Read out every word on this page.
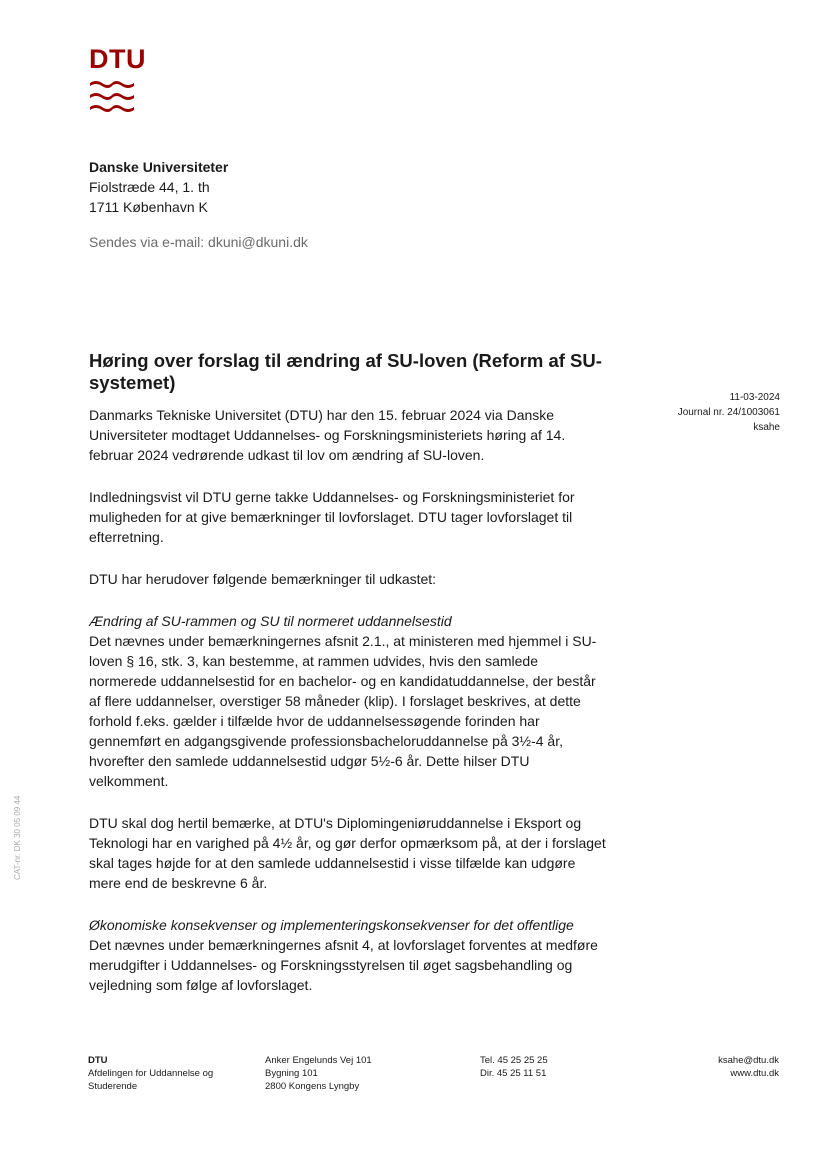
DTU
Danske Universiteter
Fiolstræde 44, 1. th
1711 København K
Sendes via e-mail: dkuni@dkuni.dk
Høring over forslag til ændring af SU-loven (Reform af SU-systemet)
11-03-2024
Journal nr. 24/1003061
ksahe

Danmarks Tekniske Universitet (DTU) har den 15. februar 2024 via Danske Universiteter modtaget Uddannelses- og Forskningsministeriets høring af 14. februar 2024 vedrørende udkast til lov om ændring af SU-loven.

Indledningsvist vil DTU gerne takke Uddannelses- og Forskningsministeriet for muligheden for at give bemærkninger til lovforslaget. DTU tager lovforslaget til efterretning.

DTU har herudover følgende bemærkninger til udkastet:

Ændring af SU-rammen og SU til normeret uddannelsestid

Det nævnes under bemærkningernes afsnit 2.1., at ministeren med hjemmel i SU-loven § 16, stk. 3, kan bestemme, at rammen udvides, hvis den samlede normerede uddannelsestid for en bachelor- og en kandidatuddannelse, der består af flere uddannelser, overstiger 58 måneder (klip). I forslaget beskrives, at dette forhold f.eks. gælder i tilfælde hvor de uddannelsessøgende forinden har gennemført en adgangsgivende professionsbacheloruddannelse på 3½-4 år, hvorefter den samlede uddannelsestid udgør 5½-6 år. Dette hilser DTU velkomment.

DTU skal dog hertil bemærke, at DTU's Diplomingeniøruddannelse i Eksport og Teknologi har en varighed på 4½ år, og gør derfor opmærksom på, at der i forslaget skal tages højde for at den samlede uddannelsestid i visse tilfælde kan udgøre mere end de beskrevne 6 år.

Økonomiske konsekvenser og implementeringskonsekvenser for det offentlige

Det nævnes under bemærkningernes afsnit 4, at lovforslaget forventes at medføre merudgifter i Uddannelses- og Forskningsstyrelsen til øget sagsbehandling og vejledning som følge af lovforslaget.

CAT-nr. DK 30 05 09 44
DTU
Afdelingen for Uddannelse og
Studerende
Anker Engelunds Vej 101
Bygning 101
2800 Kongens Lyngby
Tel. 45 25 25 25
Dir. 45 25 11 51
ksahe@dtu.dk
www.dtu.dk
